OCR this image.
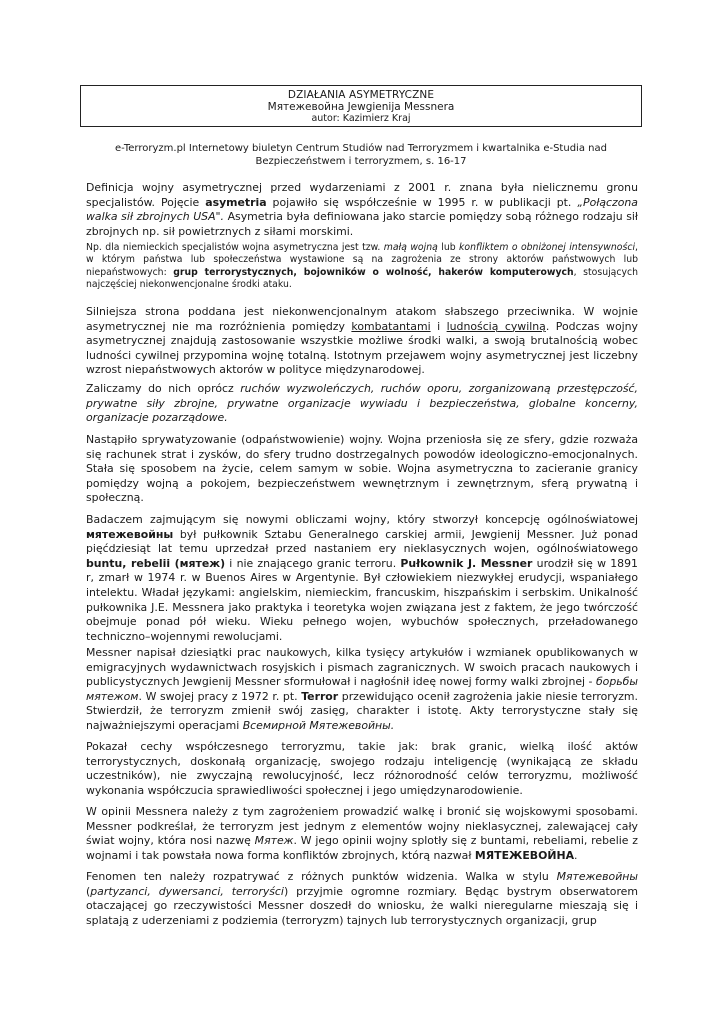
DZIAŁANIA ASYMETRYCZNE
Мятежевойна Jewgienija Messnera
autor: Kazimierz Kraj
e-Terroryzm.pl Internetowy biuletyn Centrum Studiów nad Terroryzmem i kwartalnika e-Studia nad
Bezpieczeństwem i terroryzmem, s. 16-17

Definicja wojny asymetrycznej przed wydarzeniami z 2001 r. znana była nielicznemu gronu specjalistów. Pojęcie asymetria pojawiło się współcześnie w 1995 r. w publikacji pt. „Połączona walka sił zbrojnych USA". Asymetria była definiowana jako starcie pomiędzy sobą różnego rodzaju sił zbrojnych np. sił powietrznych z siłami morskimi.

Np. dla niemieckich specjalistów wojna asymetryczna jest tzw. małą wojną lub konfliktem o obniżonej intensywności, w którym państwa lub społeczeństwa wystawione są na zagrożenia ze strony aktorów państwowych lub niepaństwowych: grup terrorystycznych, bojowników o wolność, hakerów komputerowych, stosujących najczęściej niekonwencjonalne środki ataku.

Silniejsza strona poddana jest niekonwencjonalnym atakom słabszego przeciwnika. W wojnie asymetrycznej nie ma rozróżnienia pomiędzy kombatantami i ludnością cywilną. Podczas wojny asymetrycznej znajdują zastosowanie wszystkie możliwe środki walki, a swoją brutalnością wobec ludności cywilnej przypomina wojnę totalną. Istotnym przejawem wojny asymetrycznej jest liczebny wzrost niepaństwowych aktorów w polityce międzynarodowej.

Zaliczamy do nich oprócz ruchów wyzwoleńczych, ruchów oporu, zorganizowaną przestępczość, prywatne siły zbrojne, prywatne organizacje wywiadu i bezpieczeństwa, globalne koncerny, organizacje pozarządowe.

Nastąpiło sprywatyzowanie (odpaństwowienie) wojny. Wojna przeniosła się ze sfery, gdzie rozważa się rachunek strat i zysków, do sfery trudno dostrzegalnych powodów ideologiczno-emocjonalnych. Stała się sposobem na życie, celem samym w sobie. Wojna asymetryczna to zacieranie granicy pomiędzy wojną a pokojem, bezpieczeństwem wewnętrznym i zewnętrznym, sferą prywatną i społeczną.

Badaczem zajmującym się nowymi obliczami wojny, który stworzył koncepcję ogólnoświatowej мятежевойны był pułkownik Sztabu Generalnego carskiej armii, Jewgienij Messner. Już ponad pięćdziesiąt lat temu uprzedzał przed nastaniem ery nieklasycznych wojen, ogólnoświatowego buntu, rebelii (мятеж) i nie znającego granic terroru. Pułkownik J. Messner urodził się w 1891 r, zmarł w 1974 r. w Buenos Aires w Argentynie. Był człowiekiem niezwykłej erudycji, wspaniałego intelektu. Władał językami: angielskim, niemieckim, francuskim, hiszpańskim i serbskim. Unikalność pułkownika J.E. Messnera jako praktyka i teoretyka wojen związana jest z faktem, że jego twórczość obejmuje ponad pół wieku. Wieku pełnego wojen, wybuchów społecznych, przeładowanego techniczno–wojennymi rewolucjami.

Messner napisał dziesiątki prac naukowych, kilka tysięcy artykułów i wzmianek opublikowanych w emigracyjnych wydawnictwach rosyjskich i pismach zagranicznych. W swoich pracach naukowych i publicystycznych Jewgienij Messner sformułował i nagłośnił ideę nowej formy walki zbrojnej - борьбы мятежом. W swojej pracy z 1972 r. pt. Terror przewidująco ocenił zagrożenia jakie niesie terroryzm. Stwierdził, że terroryzm zmienił swój zasięg, charakter i istotę. Akty terrorystyczne stały się najważniejszymi operacjami Всемирной Мятежевойны.

Pokazał cechy współczesnego terroryzmu, takie jak: brak granic, wielką ilość aktów terrorystycznych, doskonałą organizację, swojego rodzaju inteligencję (wynikającą ze składu uczestników), nie zwyczajną rewolucyjność, lecz różnorodność celów terroryzmu, możliwość wykonania współczucia sprawiedliwości społecznej i jego umiędzynarodowienie.

W opinii Messnera należy z tym zagrożeniem prowadzić walkę i bronić się wojskowymi sposobami. Messner podkreślał, że terroryzm jest jednym z elementów wojny nieklasycznej, zalewającej cały świat wojny, która nosi nazwę Мятеж. W jego opinii wojny splotły się z buntami, rebeliami, rebelie z wojnami i tak powstała nowa forma konfliktów zbrojnych, którą nazwał МЯТЕЖЕВОЙНА.

Fenomen ten należy rozpatrywać z różnych punktów widzenia. Walka w stylu Мятежевойны (partyzanci, dywersanci, terroryści) przyjmie ogromne rozmiary. Będąc bystrym obserwatorem otaczającej go rzeczywistości Messner doszedł do wniosku, że walki nieregularne mieszają się i splatają z uderzeniami z podziemia (terroryzm) tajnych lub terrorystycznych organizacji, grup
